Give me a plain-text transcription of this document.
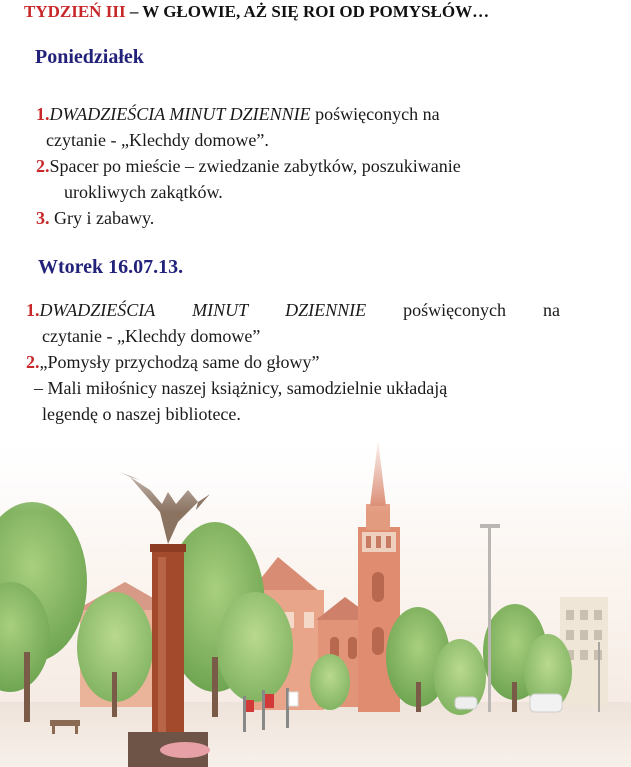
TYDZIEŃ III – W GŁOWIE, AŻ SIĘ ROI OD POMYSŁÓW…
Poniedziałek

1.DWADZIEŚCIA MINUT DZIENNIE poświęconych na

czytanie - „Klechdy domowe”.

2.Spacer po mieście – zwiedzanie zabytków, poszukiwanie

urokliwych zakątków.

3. Gry i zabawy.

Wtorek 16.07.13.

1.DWADZIEŚCIA MINUT DZIENNIE poświęconych na

czytanie - „Klechdy domowe”

2.„Pomysły przychodzą same do głowy”

– Mali miłośnicy naszej książnicy, samodzielnie układają

legendę o naszej bibliotece.
